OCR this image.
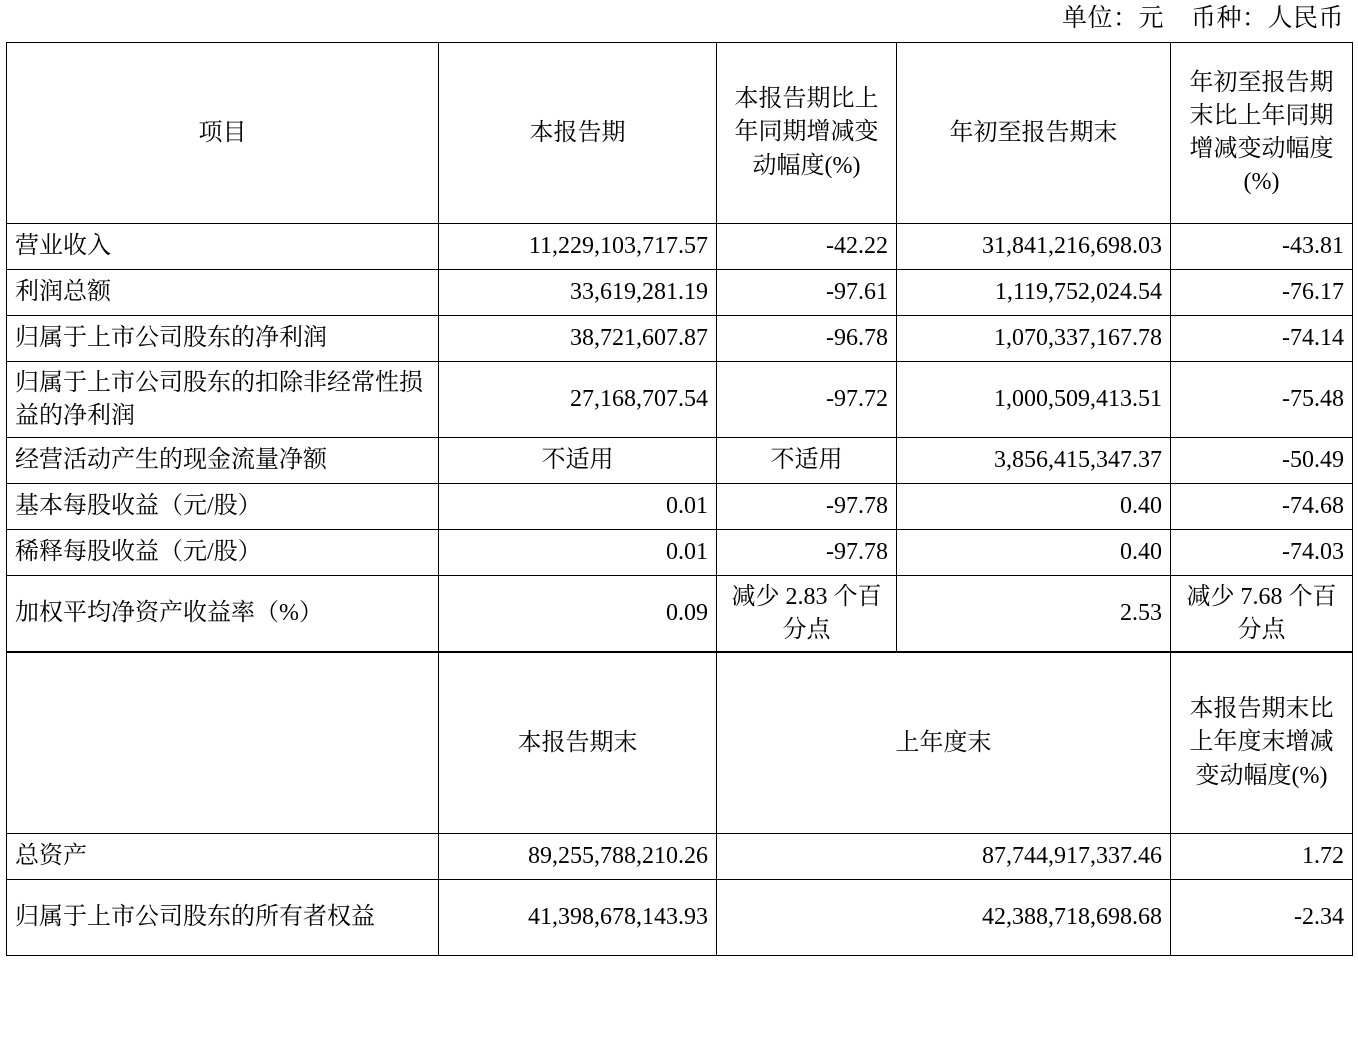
单位：元    币种：人民币
项目	本报告期	本报告期比上年同期增减变动幅度(%)	年初至报告期末	年初至报告期末比上年同期增减变动幅度(%)
营业收入	11,229,103,717.57	-42.22	31,841,216,698.03	-43.81
利润总额	33,619,281.19	-97.61	1,119,752,024.54	-76.17
归属于上市公司股东的净利润	38,721,607.87	-96.78	1,070,337,167.78	-74.14
归属于上市公司股东的扣除非经常性损益的净利润	27,168,707.54	-97.72	1,000,509,413.51	-75.48
经营活动产生的现金流量净额	不适用	不适用	3,856,415,347.37	-50.49
基本每股收益（元/股）	0.01	-97.78	0.40	-74.68
稀释每股收益（元/股）	0.01	-97.78	0.40	-74.03
加权平均净资产收益率（%）	0.09	减少 2.83 个百分点	2.53	减少 7.68 个百分点
	本报告期末	上年度末	本报告期末比上年度末增减变动幅度(%)
总资产	89,255,788,210.26	87,744,917,337.46	1.72
归属于上市公司股东的所有者权益	41,398,678,143.93	42,388,718,698.68	-2.34
